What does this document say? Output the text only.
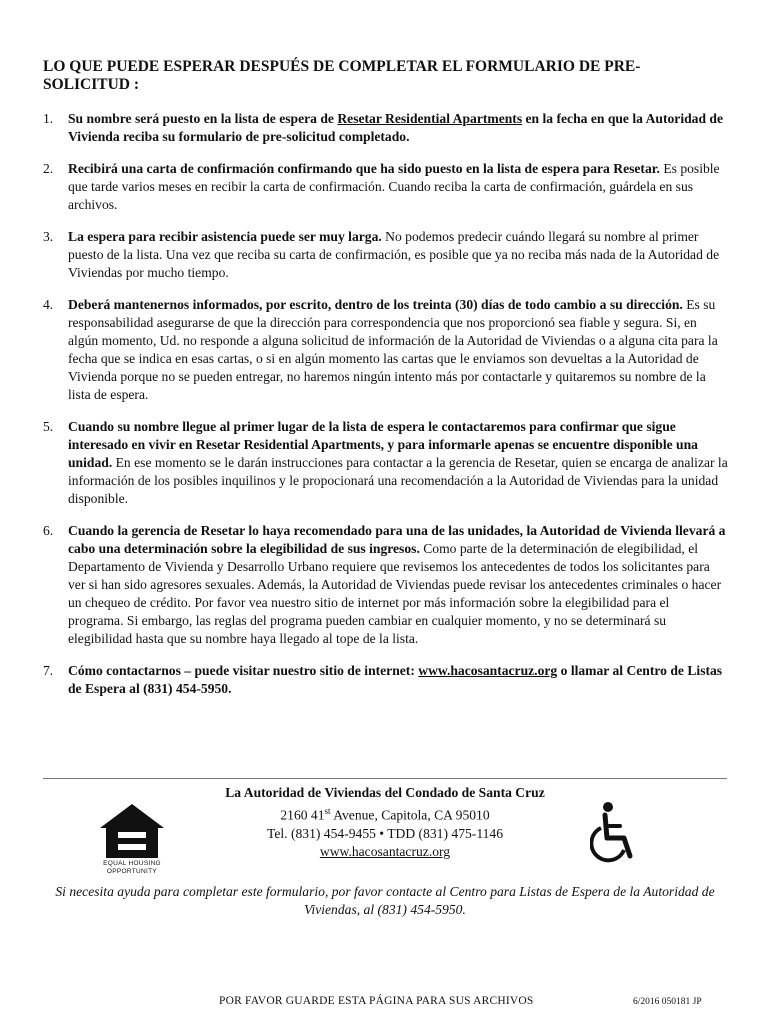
LO QUE PUEDE ESPERAR DESPUÉS DE COMPLETAR EL FORMULARIO DE PRE-SOLICITUD :
1. Su nombre será puesto en la lista de espera de Resetar Residential Apartments en la fecha en que la Autoridad de Vivienda reciba su formulario de pre-solicitud completado.
2. Recibirá una carta de confirmación confirmando que ha sido puesto en la lista de espera para Resetar. Es posible que tarde varios meses en recibir la carta de confirmación. Cuando reciba la carta de confirmación, guárdela en sus archivos.
3. La espera para recibir asistencia puede ser muy larga. No podemos predecir cuándo llegará su nombre al primer puesto de la lista. Una vez que reciba su carta de confirmación, es posible que ya no reciba más nada de la Autoridad de Viviendas por mucho tiempo.
4. Deberá mantenernos informados, por escrito, dentro de los treinta (30) días de todo cambio a su dirección. Es su responsabilidad asegurarse de que la dirección para correspondencia que nos proporcionó sea fiable y segura. Si, en algún momento, Ud. no responde a alguna solicitud de información de la Autoridad de Viviendas o a alguna cita para la fecha que se indica en esas cartas, o si en algún momento las cartas que le enviamos son devueltas a la Autoridad de Vivienda porque no se pueden entregar, no haremos ningún intento más por contactarle y quitaremos su nombre de la lista de espera.
5. Cuando su nombre llegue al primer lugar de la lista de espera le contactaremos para confirmar que sigue interesado en vivir en Resetar Residential Apartments, y para informarle apenas se encuentre disponible una unidad. En ese momento se le darán instrucciones para contactar a la gerencia de Resetar, quien se encarga de analizar la información de los posibles inquilinos y le propocionará una recomendación a la Autoridad de Viviendas para la unidad disponible.
6. Cuando la gerencia de Resetar lo haya recomendado para una de las unidades, la Autoridad de Vivienda llevará a cabo una determinación sobre la elegibilidad de sus ingresos. Como parte de la determinación de elegibilidad, el Departamento de Vivienda y Desarrollo Urbano requiere que revisemos los antecedentes de todos los solicitantes para ver si han sido agresores sexuales. Además, la Autoridad de Viviendas puede revisar los antecedentes criminales o hacer un chequeo de crédito. Por favor vea nuestro sitio de internet por más información sobre la elegibilidad para el programa. Si embargo, las reglas del programa pueden cambiar en cualquier momento, y no se determinará su elegibilidad hasta que su nombre haya llegado al tope de la lista.
7. Cómo contactarnos – puede visitar nuestro sitio de internet: www.hacosantacruz.org o llamar al Centro de Listas de Espera al (831) 454-5950.
La Autoridad de Viviendas del Condado de Santa Cruz
2160 41st Avenue, Capitola, CA 95010
Tel. (831) 454-9455 • TDD (831) 475-1146
www.hacosantacruz.org
EQUAL HOUSING
OPPORTUNITY
Si necesita ayuda para completar este formulario, por favor contacte al Centro para Listas de Espera de la Autoridad de Viviendas, al (831) 454-5950.
POR FAVOR GUARDE ESTA PÁGINA PARA SUS ARCHIVOS	6/2016 050181 JP
